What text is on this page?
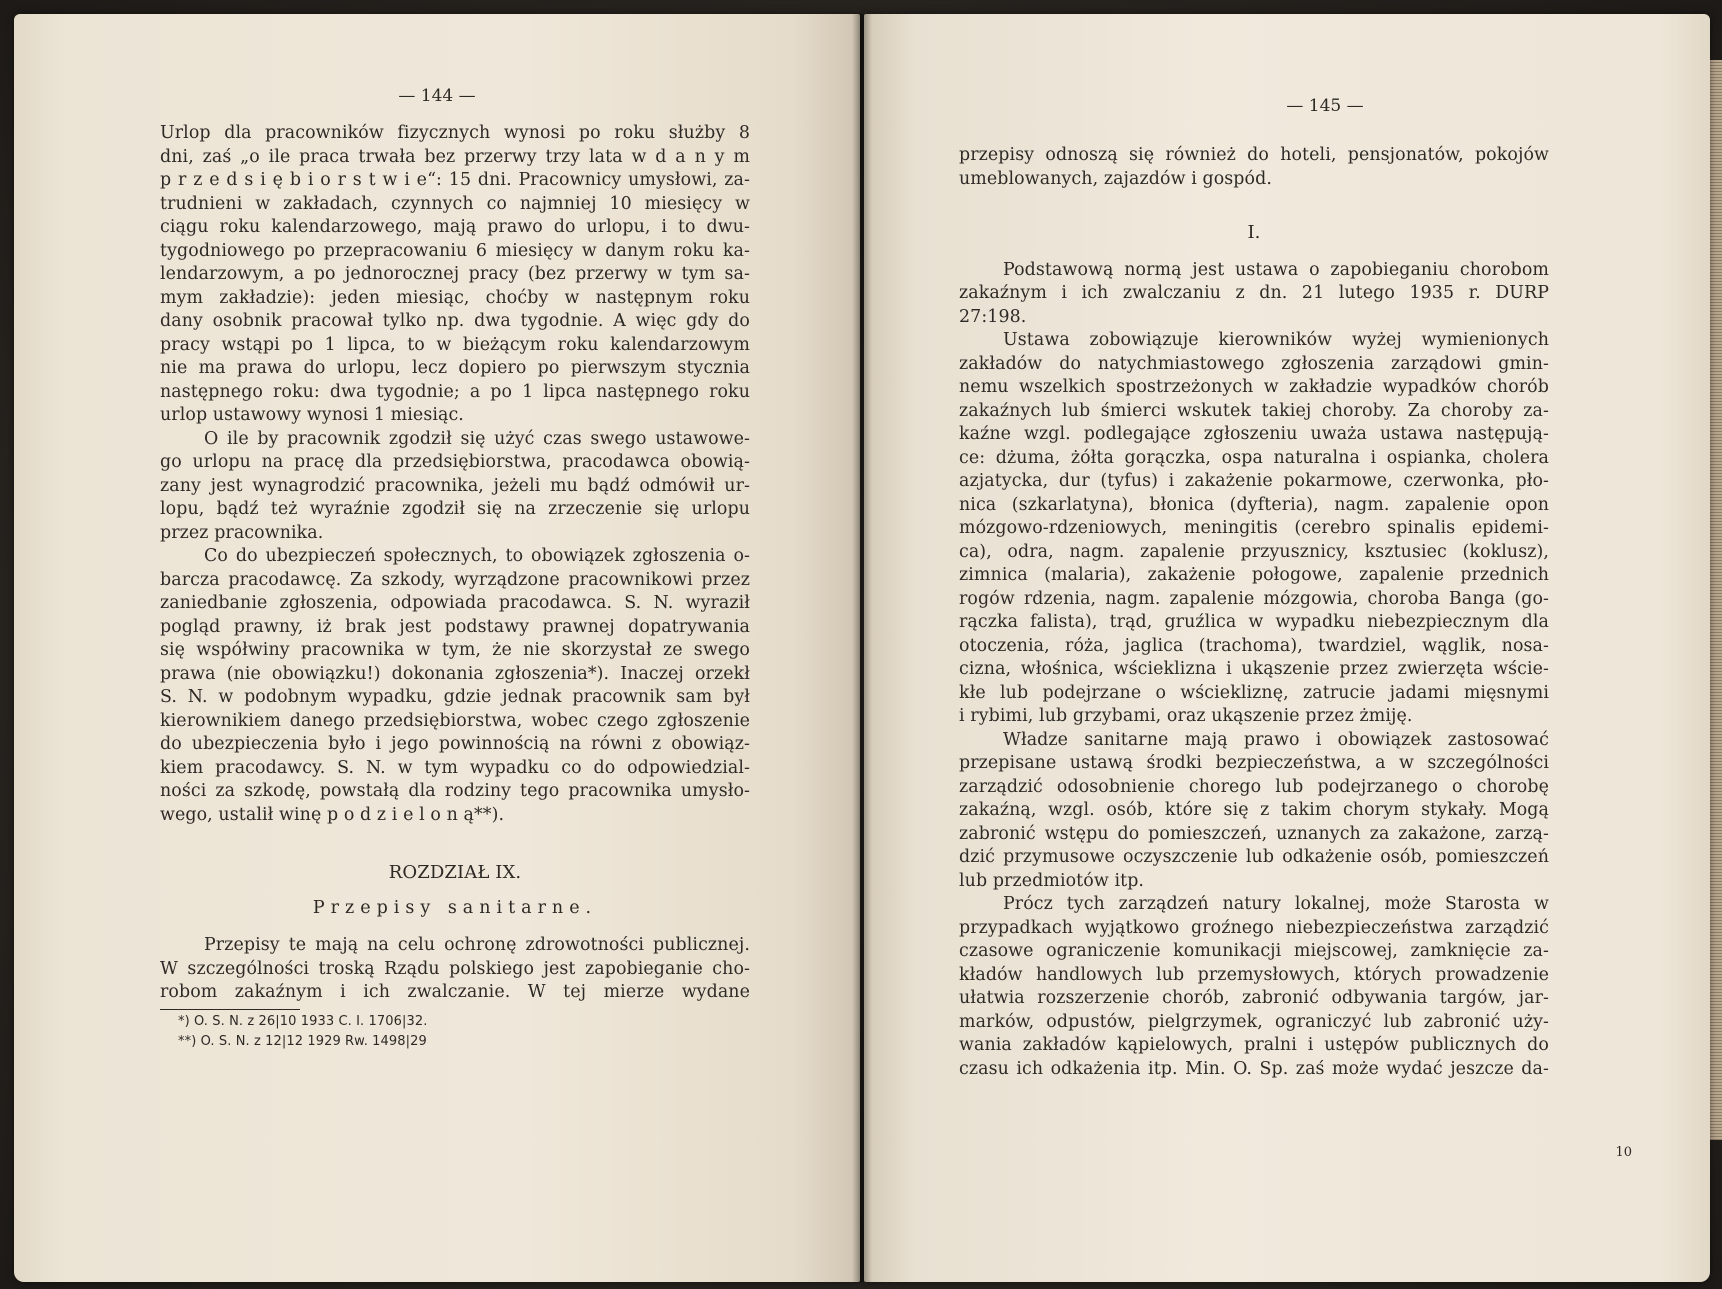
— 144 —
Urlop dla pracowników fizycznych wynosi po roku służby 8
dni, zaś „o ile praca trwała bez przerwy trzy lata w d a n y m
p r z e d s i ę b i o r s t w i e“: 15 dni. Pracownicy umysłowi, za-
trudnieni w zakładach, czynnych co najmniej 10 miesięcy w
ciągu roku kalendarzowego, mają prawo do urlopu, i to dwu-
tygodniowego po przepracowaniu 6 miesięcy w danym roku ka-
lendarzowym, a po jednorocznej pracy (bez przerwy w tym sa-
mym zakładzie): jeden miesiąc, choćby w następnym roku
dany osobnik pracował tylko np. dwa tygodnie. A więc gdy do
pracy wstąpi po 1 lipca, to w bieżącym roku kalendarzowym
nie ma prawa do urlopu, lecz dopiero po pierwszym stycznia
następnego roku: dwa tygodnie; a po 1 lipca następnego roku
urlop ustawowy wynosi 1 miesiąc.
O ile by pracownik zgodził się użyć czas swego ustawowe-
go urlopu na pracę dla przedsiębiorstwa, pracodawca obowią-
zany jest wynagrodzić pracownika, jeżeli mu bądź odmówił ur-
lopu, bądź też wyraźnie zgodził się na zrzeczenie się urlopu
przez pracownika.
Co do ubezpieczeń społecznych, to obowiązek zgłoszenia o-
barcza pracodawcę. Za szkody, wyrządzone pracownikowi przez
zaniedbanie zgłoszenia, odpowiada pracodawca. S. N. wyraził
pogląd prawny, iż brak jest podstawy prawnej dopatrywania
się współwiny pracownika w tym, że nie skorzystał ze swego
prawa (nie obowiązku!) dokonania zgłoszenia*). Inaczej orzekł
S. N. w podobnym wypadku, gdzie jednak pracownik sam był
kierownikiem danego przedsiębiorstwa, wobec czego zgłoszenie
do ubezpieczenia było i jego powinnością na równi z obowiąz-
kiem pracodawcy. S. N. w tym wypadku co do odpowiedzial-
ności za szkodę, powstałą dla rodziny tego pracownika umysło-
wego, ustalił winę p o d z i e l o n ą**).
ROZDZIAŁ IX.
Przepisy sanitarne.
Przepisy te mają na celu ochronę zdrowotności publicznej.
W szczególności troską Rządu polskiego jest zapobieganie cho-
robom zakaźnym i ich zwalczanie. W tej mierze wydane
*) O. S. N. z 26|10 1933 C. I. 1706|32.
**) O. S. N. z 12|12 1929 Rw. 1498|29
— 145 —
przepisy odnoszą się również do hoteli, pensjonatów, pokojów
umeblowanych, zajazdów i gospód.
I.
Podstawową normą jest ustawa o zapobieganiu chorobom
zakaźnym i ich zwalczaniu z dn. 21 lutego 1935 r. DURP
27:198.
Ustawa zobowiązuje kierowników wyżej wymienionych
zakładów do natychmiastowego zgłoszenia zarządowi gmin-
nemu wszelkich spostrzeżonych w zakładzie wypadków chorób
zakaźnych lub śmierci wskutek takiej choroby. Za choroby za-
kaźne wzgl. podlegające zgłoszeniu uważa ustawa następują-
ce: dżuma, żółta gorączka, ospa naturalna i ospianka, cholera
azjatycka, dur (tyfus) i zakażenie pokarmowe, czerwonka, pło-
nica (szkarlatyna), błonica (dyfteria), nagm. zapalenie opon
mózgowo-rdzeniowych, meningitis (cerebro spinalis epidemi-
ca), odra, nagm. zapalenie przyusznicy, ksztusiec (koklusz),
zimnica (malaria), zakażenie połogowe, zapalenie przednich
rogów rdzenia, nagm. zapalenie mózgowia, choroba Banga (go-
rączka falista), trąd, gruźlica w wypadku niebezpiecznym dla
otoczenia, róża, jaglica (trachoma), twardziel, wąglik, nosa-
cizna, włośnica, wścieklizna i ukąszenie przez zwierzęta wście-
kłe lub podejrzane o wściekliznę, zatrucie jadami mięsnymi
i rybimi, lub grzybami, oraz ukąszenie przez żmiję.
Władze sanitarne mają prawo i obowiązek zastosować
przepisane ustawą środki bezpieczeństwa, a w szczególności
zarządzić odosobnienie chorego lub podejrzanego o chorobę
zakaźną, wzgl. osób, które się z takim chorym stykały. Mogą
zabronić wstępu do pomieszczeń, uznanych za zakażone, zarzą-
dzić przymusowe oczyszczenie lub odkażenie osób, pomieszczeń
lub przedmiotów itp.
Prócz tych zarządzeń natury lokalnej, może Starosta w
przypadkach wyjątkowo groźnego niebezpieczeństwa zarządzić
czasowe ograniczenie komunikacji miejscowej, zamknięcie za-
kładów handlowych lub przemysłowych, których prowadzenie
ułatwia rozszerzenie chorób, zabronić odbywania targów, jar-
marków, odpustów, pielgrzymek, ograniczyć lub zabronić uży-
wania zakładów kąpielowych, pralni i ustępów publicznych do
czasu ich odkażenia itp. Min. O. Sp. zaś może wydać jeszcze da-
10
